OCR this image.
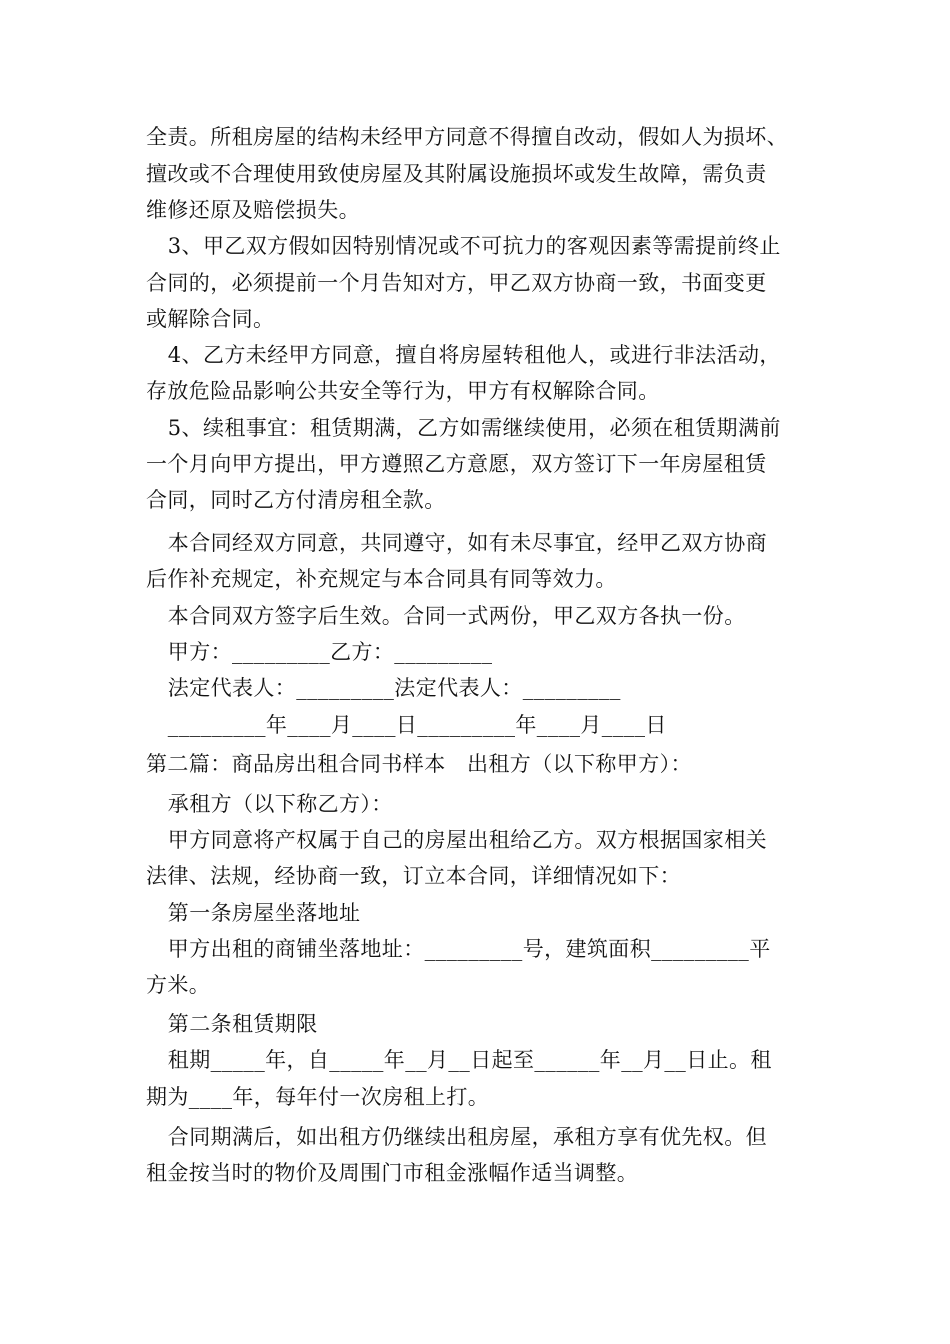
全责。所租房屋的结构未经甲方同意不得擅自改动，假如人为损坏、
擅改或不合理使用致使房屋及其附属设施损坏或发生故障，需负责
维修还原及赔偿损失。
  3、甲乙双方假如因特别情况或不可抗力的客观因素等需提前终止
合同的，必须提前一个月告知对方，甲乙双方协商一致，书面变更
或解除合同。
  4、乙方未经甲方同意，擅自将房屋转租他人，或进行非法活动，
存放危险品影响公共安全等行为，甲方有权解除合同。
  5、续租事宜：租赁期满，乙方如需继续使用，必须在租赁期满前
一个月向甲方提出，甲方遵照乙方意愿，双方签订下一年房屋租赁
合同，同时乙方付清房租全款。
  本合同经双方同意，共同遵守，如有未尽事宜，经甲乙双方协商
后作补充规定，补充规定与本合同具有同等效力。
  本合同双方签字后生效。合同一式两份，甲乙双方各执一份。
  甲方：_________乙方：_________
  法定代表人：_________法定代表人：_________
  _________年____月____日_________年____月____日
第二篇：商品房出租合同书样本　出租方（以下称甲方）：
  承租方（以下称乙方）：
  甲方同意将产权属于自己的房屋出租给乙方。双方根据国家相关
法律、法规，经协商一致，订立本合同，详细情况如下：
  第一条房屋坐落地址
  甲方出租的商铺坐落地址：_________号，建筑面积_________平
方米。
  第二条租赁期限
  租期_____年，自_____年__月__日起至______年__月__日止。租
期为____年，每年付一次房租上打。
  合同期满后，如出租方仍继续出租房屋，承租方享有优先权。但
租金按当时的物价及周围门市租金涨幅作适当调整。
